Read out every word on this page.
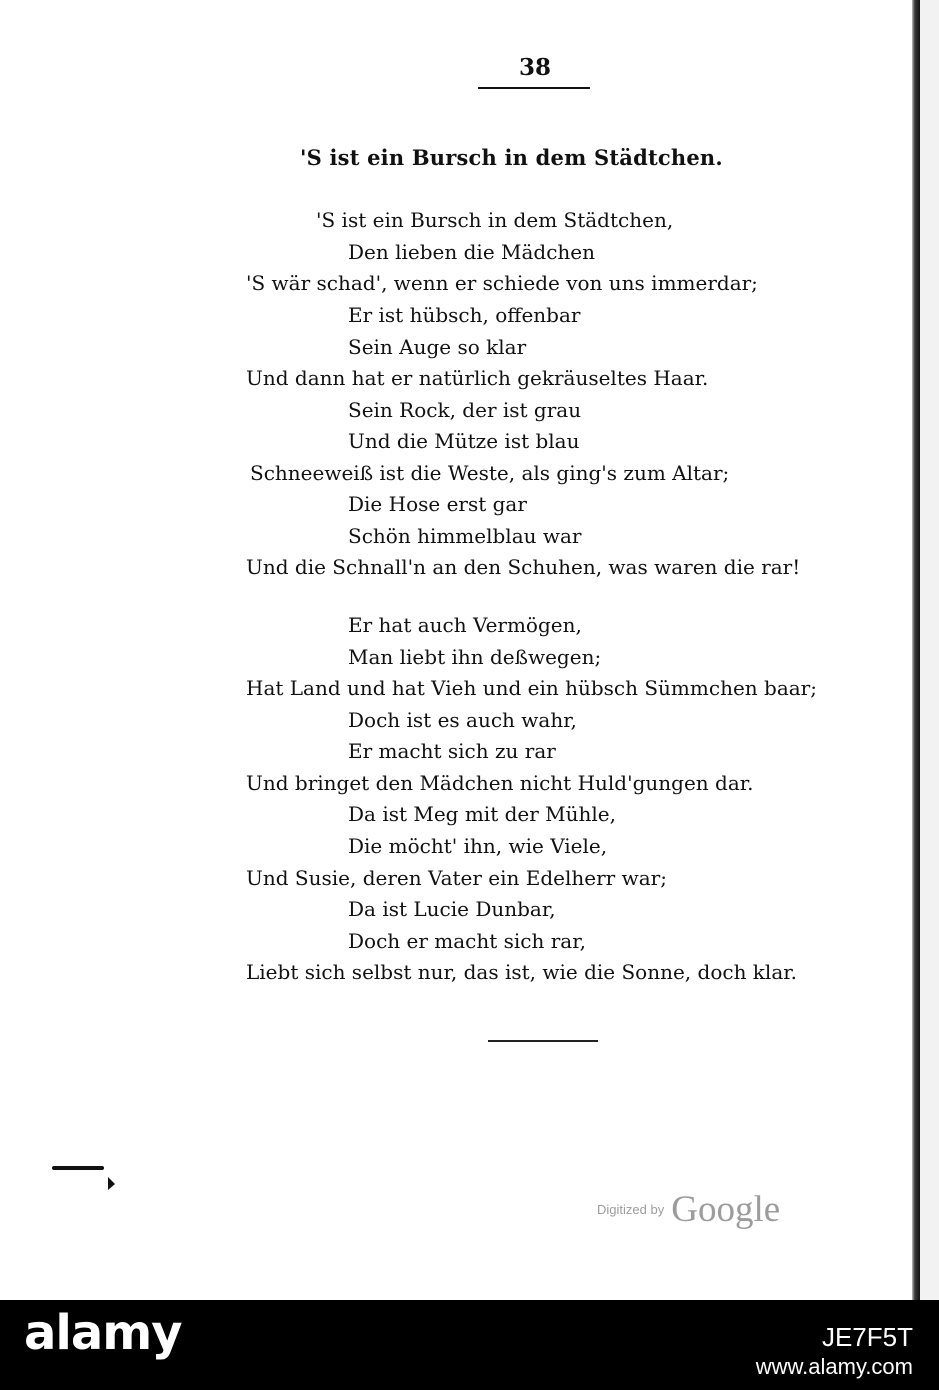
38
'S ist ein Bursch in dem Städtchen.
'S ist ein Bursch in dem Städtchen,
Den lieben die Mädchen
'S wär schad', wenn er schiede von uns immerdar;
Er ist hübsch, offenbar
Sein Auge so klar
Und dann hat er natürlich gekräuseltes Haar.
Sein Rock, der ist grau
Und die Mütze ist blau
Schneeweiß ist die Weste, als ging's zum Altar;
Die Hose erst gar
Schön himmelblau war
Und die Schnall'n an den Schuhen, was waren die rar!
Er hat auch Vermögen,
Man liebt ihn deßwegen;
Hat Land und hat Vieh und ein hübsch Sümmchen baar;
Doch ist es auch wahr,
Er macht sich zu rar
Und bringet den Mädchen nicht Huld'gungen dar.
Da ist Meg mit der Mühle,
Die möcht' ihn, wie Viele,
Und Susie, deren Vater ein Edelherr war;
Da ist Lucie Dunbar,
Doch er macht sich rar,
Liebt sich selbst nur, das ist, wie die Sonne, doch klar.
Digitized by Google
alamy	JE7F5T
www.alamy.com
